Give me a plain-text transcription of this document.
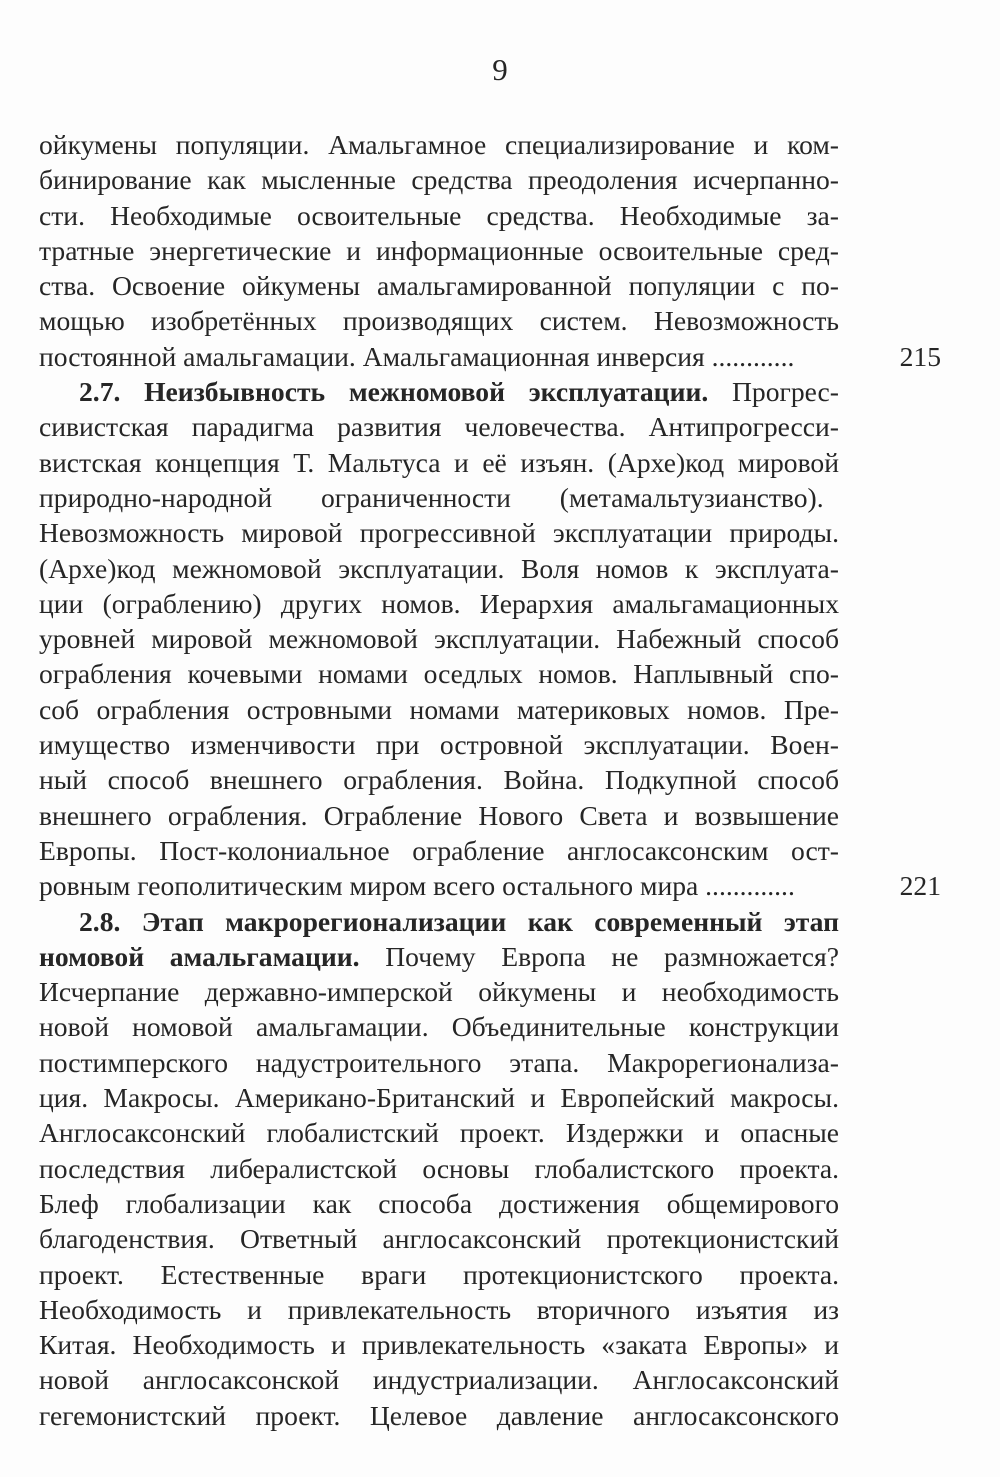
9
ойкумены популяции. Амальгамное специализирование и ком-
бинирование как мысленные средства преодоления исчерпанно-
сти. Необходимые освоительные средства. Необходимые за-
тратные энергетические и информационные освоительные сред-
ства. Освоение ойкумены амальгамированной популяции с по-
мощью изобретённых производящих систем. Невозможность
постоянной амальгамации. Амальгамационная инверсия ............	215
2.7. Неизбывность межномовой эксплуатации. Прогрес-
сивистская парадигма развития человечества. Антипрогресси-
вистская концепция Т. Мальтуса и её изъян. (Архе)код мировой
природно-народной ограниченности (метамальтузианство).
Невозможность мировой прогрессивной эксплуатации природы.
(Архе)код межномовой эксплуатации. Воля номов к эксплуата-
ции (ограблению) других номов. Иерархия амальгамационных
уровней мировой межномовой эксплуатации. Набежный способ
ограбления кочевыми номами оседлых номов. Наплывный спо-
соб ограбления островными номами материковых номов. Пре-
имущество изменчивости при островной эксплуатации. Воен-
ный способ внешнего ограбления. Война. Подкупной способ
внешнего ограбления. Ограбление Нового Света и возвышение
Европы. Пост-колониальное ограбление англосаксонским ост-
ровным геополитическим миром всего остального мира .............	221
2.8. Этап макрорегионализации как современный этап
номовой амальгамации. Почему Европа не размножается?
Исчерпание державно-имперской ойкумены и необходимость
новой номовой амальгамации. Объединительные конструкции
постимперского надустроительного этапа. Макрорегионализа-
ция. Макросы. Американо-Британский и Европейский макросы.
Англосаксонский глобалистский проект. Издержки и опасные
последствия либералистской основы глобалистского проекта.
Блеф глобализации как способа достижения общемирового
благоденствия. Ответный англосаксонский протекционистский
проект. Естественные враги протекционистского проекта.
Необходимость и привлекательность вторичного изъятия из
Китая. Необходимость и привлекательность «заката Европы» и
новой англосаксонской индустриализации. Англосаксонский
гегемонистский проект. Целевое давление англосаксонского
